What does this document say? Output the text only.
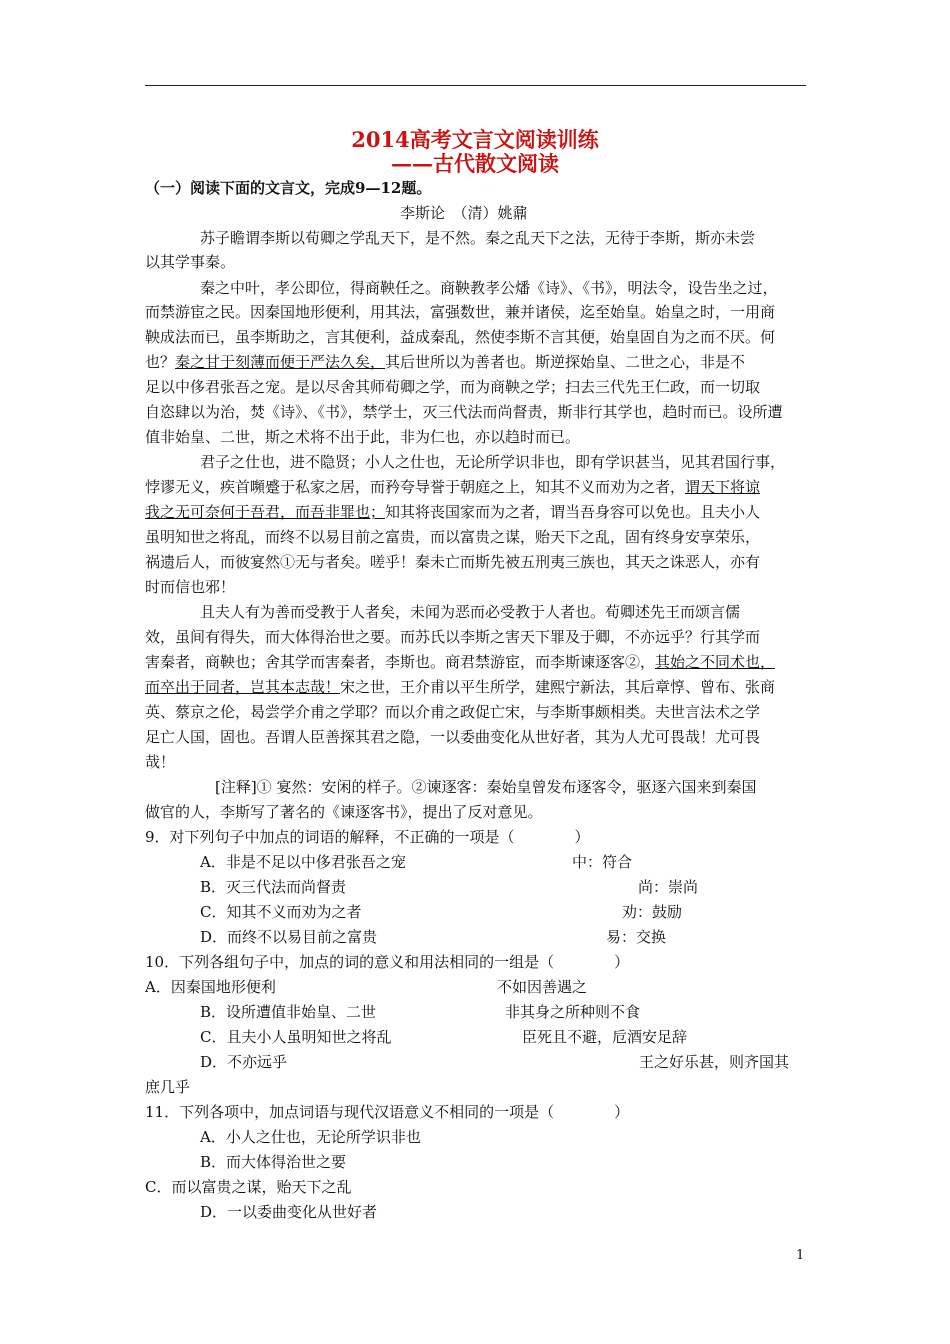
2014高考文言文阅读训练
——古代散文阅读
（一）阅读下面的文言文，完成9—12题。
李斯论　（清）姚鼐
苏子瞻谓李斯以荀卿之学乱天下，是不然。秦之乱天下之法，无待于李斯，斯亦未尝
以其学事秦。
秦之中叶，孝公即位，得商鞅任之。商鞅教孝公燔《诗》、《书》，明法令，设告坐之过，
而禁游宦之民。因秦国地形便利，用其法，富强数世，兼并诸侯，迄至始皇。始皇之时，一用商
鞅成法而已，虽李斯助之，言其便利，益成秦乱，然使李斯不言其便，始皇固自为之而不厌。何
也？秦之甘于刻薄而便于严法久矣，其后世所以为善者也。斯逆探始皇、二世之心，非是不
足以中侈君张吾之宠。是以尽舍其师荀卿之学，而为商鞅之学；扫去三代先王仁政，而一切取
自恣肆以为治，焚《诗》、《书》，禁学士，灭三代法而尚督责，斯非行其学也，趋时而已。设所遭
值非始皇、二世，斯之术将不出于此，非为仁也，亦以趋时而已。
君子之仕也，进不隐贤；小人之仕也，无论所学识非也，即有学识甚当，见其君国行事，
悖谬无义，疾首嚬蹙于私家之居，而矜夸导誉于朝庭之上，知其不义而劝为之者，谓天下将谅
我之无可奈何于吾君，而吾非罪也；知其将丧国家而为之者，谓当吾身容可以免也。且夫小人
虽明知世之将乱，而终不以易目前之富贵，而以富贵之谋，贻天下之乱，固有终身安享荣乐，
祸遗后人，而彼宴然①无与者矣。嗟乎！秦未亡而斯先被五刑夷三族也，其天之诛恶人，亦有
时而信也邪！
且夫人有为善而受教于人者矣，未闻为恶而必受教于人者也。荀卿述先王而颂言儒
效，虽间有得失，而大体得治世之要。而苏氏以李斯之害天下罪及于卿，不亦远乎？行其学而
害秦者，商鞅也；舍其学而害秦者，李斯也。商君禁游宦，而李斯谏逐客②，其始之不同术也，
而卒出于同者，岂其本志哉！宋之世，王介甫以平生所学，建熙宁新法，其后章惇、曾布、张商
英、蔡京之伦，曷尝学介甫之学耶？而以介甫之政促亡宋，与李斯事颇相类。夫世言法术之学
足亡人国，固也。吾谓人臣善探其君之隐，一以委曲变化从世好者，其为人尤可畏哉！尤可畏
哉！
[注释]① 宴然：安闲的样子。②谏逐客：秦始皇曾发布逐客令，驱逐六国来到秦国
做官的人，李斯写了著名的《谏逐客书》，提出了反对意见。
9．对下列句子中加点的词语的解释，不正确的一项是（　　　　）
A．非是不足以中侈君张吾之宠	中：符合
B．灭三代法而尚督责	尚：崇尚
C．知其不义而劝为之者	劝：鼓励
D．而终不以易目前之富贵	易：交换
10．下列各组句子中，加点的词的意义和用法相同的一组是（　　　　）
A．因秦国地形便利	不如因善遇之
B．设所遭值非始皇、二世	非其身之所种则不食
C．且夫小人虽明知世之将乱	臣死且不避，卮酒安足辞
D．不亦远乎	王之好乐甚，则齐国其
庶几乎
11．下列各项中，加点词语与现代汉语意义不相同的一项是（　　　　）
A．小人之仕也，无论所学识非也
B．而大体得治世之要
C．而以富贵之谋，贻天下之乱
D．一以委曲变化从世好者
1
